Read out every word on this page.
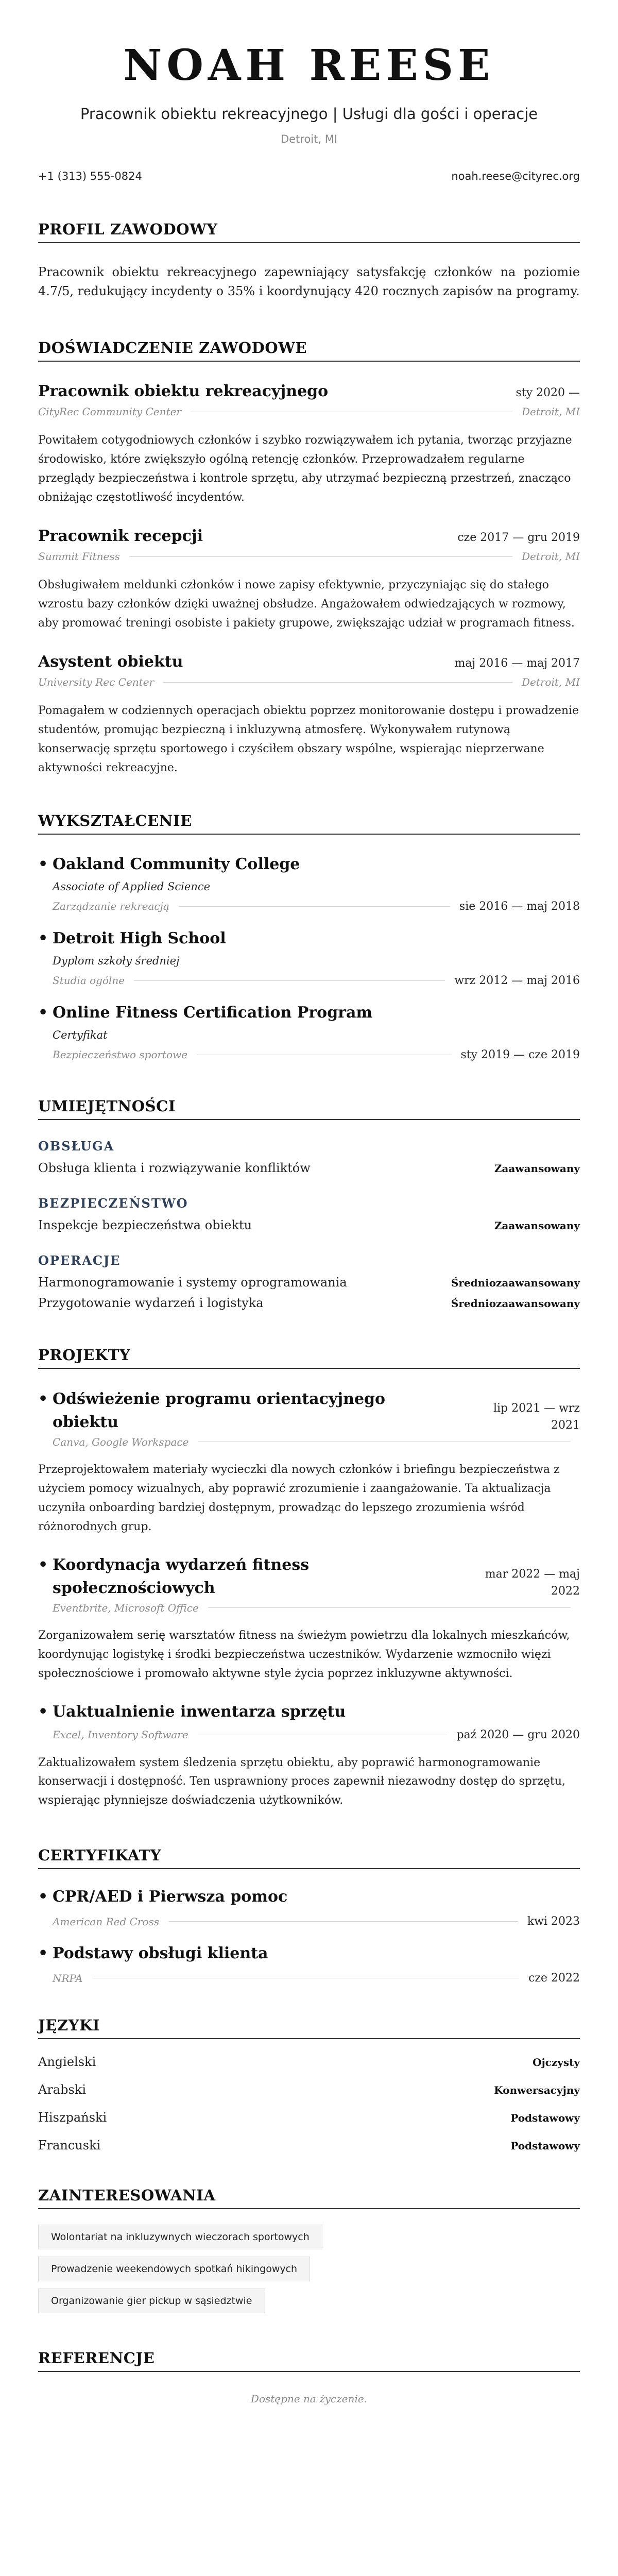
NOAH REESE
Pracownik obiektu rekreacyjnego | Usługi dla gości i operacje
Detroit, MI
+1 (313) 555-0824	noah.reese@cityrec.org
PROFIL ZAWODOWY
Pracownik obiektu rekreacyjnego zapewniający satysfakcję członków na poziomie 4.7/5, redukujący incydenty o 35% i koordynujący 420 rocznych zapisów na programy.
DOŚWIADCZENIE ZAWODOWE
Pracownik obiektu rekreacyjnego	sty 2020 —
CityRec Community Center	Detroit, MI
Powitałem cotygodniowych członków i szybko rozwiązywałem ich pytania, tworząc przyjazne środowisko, które zwiększyło ogólną retencję członków. Przeprowadzałem regularne przeglądy bezpieczeństwa i kontrole sprzętu, aby utrzymać bezpieczną przestrzeń, znacząco obniżając częstotliwość incydentów.
Pracownik recepcji	cze 2017 — gru 2019
Summit Fitness	Detroit, MI
Obsługiwałem meldunki członków i nowe zapisy efektywnie, przyczyniając się do stałego wzrostu bazy członków dzięki uważnej obsłudze. Angażowałem odwiedzających w rozmowy, aby promować treningi osobiste i pakiety grupowe, zwiększając udział w programach fitness.
Asystent obiektu	maj 2016 — maj 2017
University Rec Center	Detroit, MI
Pomagałem w codziennych operacjach obiektu poprzez monitorowanie dostępu i prowadzenie studentów, promując bezpieczną i inkluzywną atmosferę. Wykonywałem rutynową konserwację sprzętu sportowego i czyściłem obszary wspólne, wspierając nieprzerwane aktywności rekreacyjne.
WYKSZTAŁCENIE
• Oakland Community College
Associate of Applied Science
Zarządzanie rekreacją	sie 2016 — maj 2018
• Detroit High School
Dyplom szkoły średniej
Studia ogólne	wrz 2012 — maj 2016
• Online Fitness Certification Program
Certyfikat
Bezpieczeństwo sportowe	sty 2019 — cze 2019
UMIEJĘTNOŚCI
OBSŁUGA
Obsługa klienta i rozwiązywanie konfliktów	Zaawansowany
BEZPIECZEŃSTWO
Inspekcje bezpieczeństwa obiektu	Zaawansowany
OPERACJE
Harmonogramowanie i systemy oprogramowania	Średniozaawansowany
Przygotowanie wydarzeń i logistyka	Średniozaawansowany
PROJEKTY
• Odświeżenie programu orientacyjnego
obiektu
lip 2021 — wrz
2021
Canva, Google Workspace
Przeprojektowałem materiały wycieczki dla nowych członków i briefingu bezpieczeństwa z użyciem pomocy wizualnych, aby poprawić zrozumienie i zaangażowanie. Ta aktualizacja uczyniła onboarding bardziej dostępnym, prowadząc do lepszego zrozumienia wśród różnorodnych grup.
• Koordynacja wydarzeń fitness
społecznościowych
mar 2022 — maj
2022
Eventbrite, Microsoft Office
Zorganizowałem serię warsztatów fitness na świeżym powietrzu dla lokalnych mieszkańców, koordynując logistykę i środki bezpieczeństwa uczestników. Wydarzenie wzmocniło więzi społecznościowe i promowało aktywne style życia poprzez inkluzywne aktywności.
• Uaktualnienie inwentarza sprzętu
Excel, Inventory Software	paź 2020 — gru 2020
Zaktualizowałem system śledzenia sprzętu obiektu, aby poprawić harmonogramowanie konserwacji i dostępność. Ten usprawniony proces zapewnił niezawodny dostęp do sprzętu, wspierając płynniejsze doświadczenia użytkowników.
CERTYFIKATY
• CPR/AED i Pierwsza pomoc
American Red Cross	kwi 2023
• Podstawy obsługi klienta
NRPA	cze 2022
JĘZYKI
Angielski	Ojczysty
Arabski	Konwersacyjny
Hiszpański	Podstawowy
Francuski	Podstawowy
ZAINTERESOWANIA
Wolontariat na inkluzywnych wieczorach sportowych
Prowadzenie weekendowych spotkań hikingowych
Organizowanie gier pickup w sąsiedztwie
REFERENCJE
Dostępne na życzenie.
